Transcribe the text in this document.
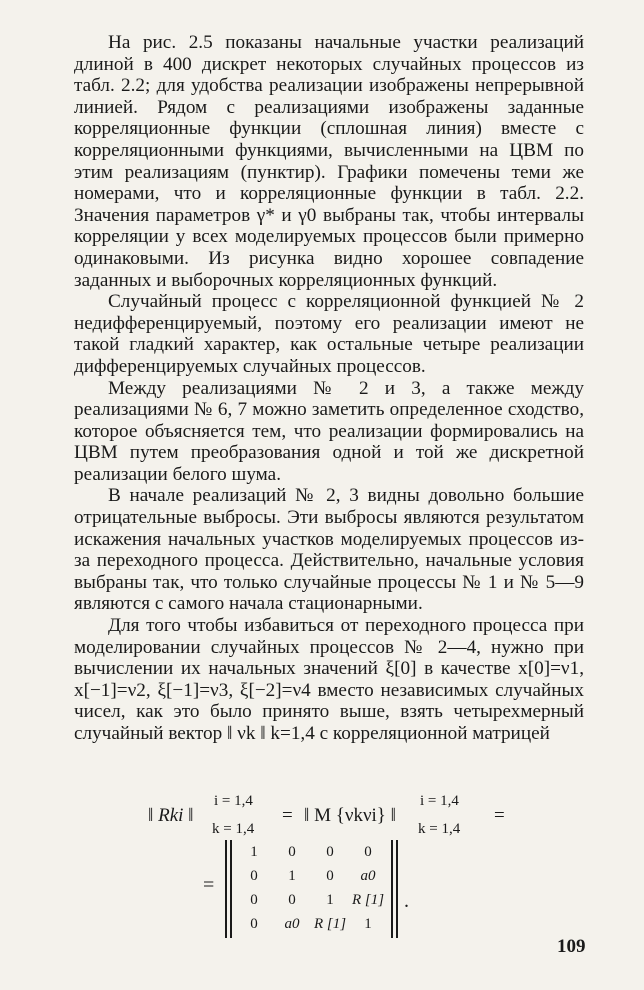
На рис. 2.5 показаны начальные участки реализаций длиной в 400 дискрет некоторых случайных процессов из табл. 2.2; для удобства реализации изображены непрерывной линией. Рядом с реализациями изображены заданные корреляционные функции (сплошная линия) вместе с корреляционными функциями, вычисленными на ЦВМ по этим реализациям (пунктир). Графики помечены теми же номерами, что и корреляционные функции в табл. 2.2. Значения параметров γ* и γ0 выбраны так, чтобы интервалы корреляции у всех моделируемых процессов были примерно одинаковыми. Из рисунка видно хорошее совпадение заданных и выборочных корреляционных функций.

Случайный процесс с корреляционной функцией № 2 недифференцируемый, поэтому его реализации имеют не такой гладкий характер, как остальные четыре реализации дифференцируемых случайных процессов.

Между реализациями № 2 и 3, а также между реализациями № 6, 7 можно заметить определенное сходство, которое объясняется тем, что реализации формировались на ЦВМ путем преобразования одной и той же дискретной реализации белого шума.

В начале реализаций № 2, 3 видны довольно большие отрицательные выбросы. Эти выбросы являются результатом искажения начальных участков моделируемых процессов из-за переходного процесса. Действительно, начальные условия выбраны так, что только случайные процессы № 1 и № 5—9 являются с самого начала стационарными.

Для того чтобы избавиться от переходного процесса при моделировании случайных процессов № 2—4, нужно при вычислении их начальных значений ξ[0] в качестве x[0]=ν1, x[−1]=ν2, ξ[−1]=ν3, ξ[−2]=ν4 вместо независимых случайных чисел, как это было принято выше, взять четырехмерный случайный вектор ‖ νk ‖ k=1,4 с корреляционной матрицей

‖ Rki ‖
i = 1,4
k = 1,4
= ‖ M {νkνi} ‖
i = 1,4
k = 1,4
=
=
1	0	0	0
0	1	0	a0
0	0	1	R [1]
0	a0	R [1]	1
.
109
